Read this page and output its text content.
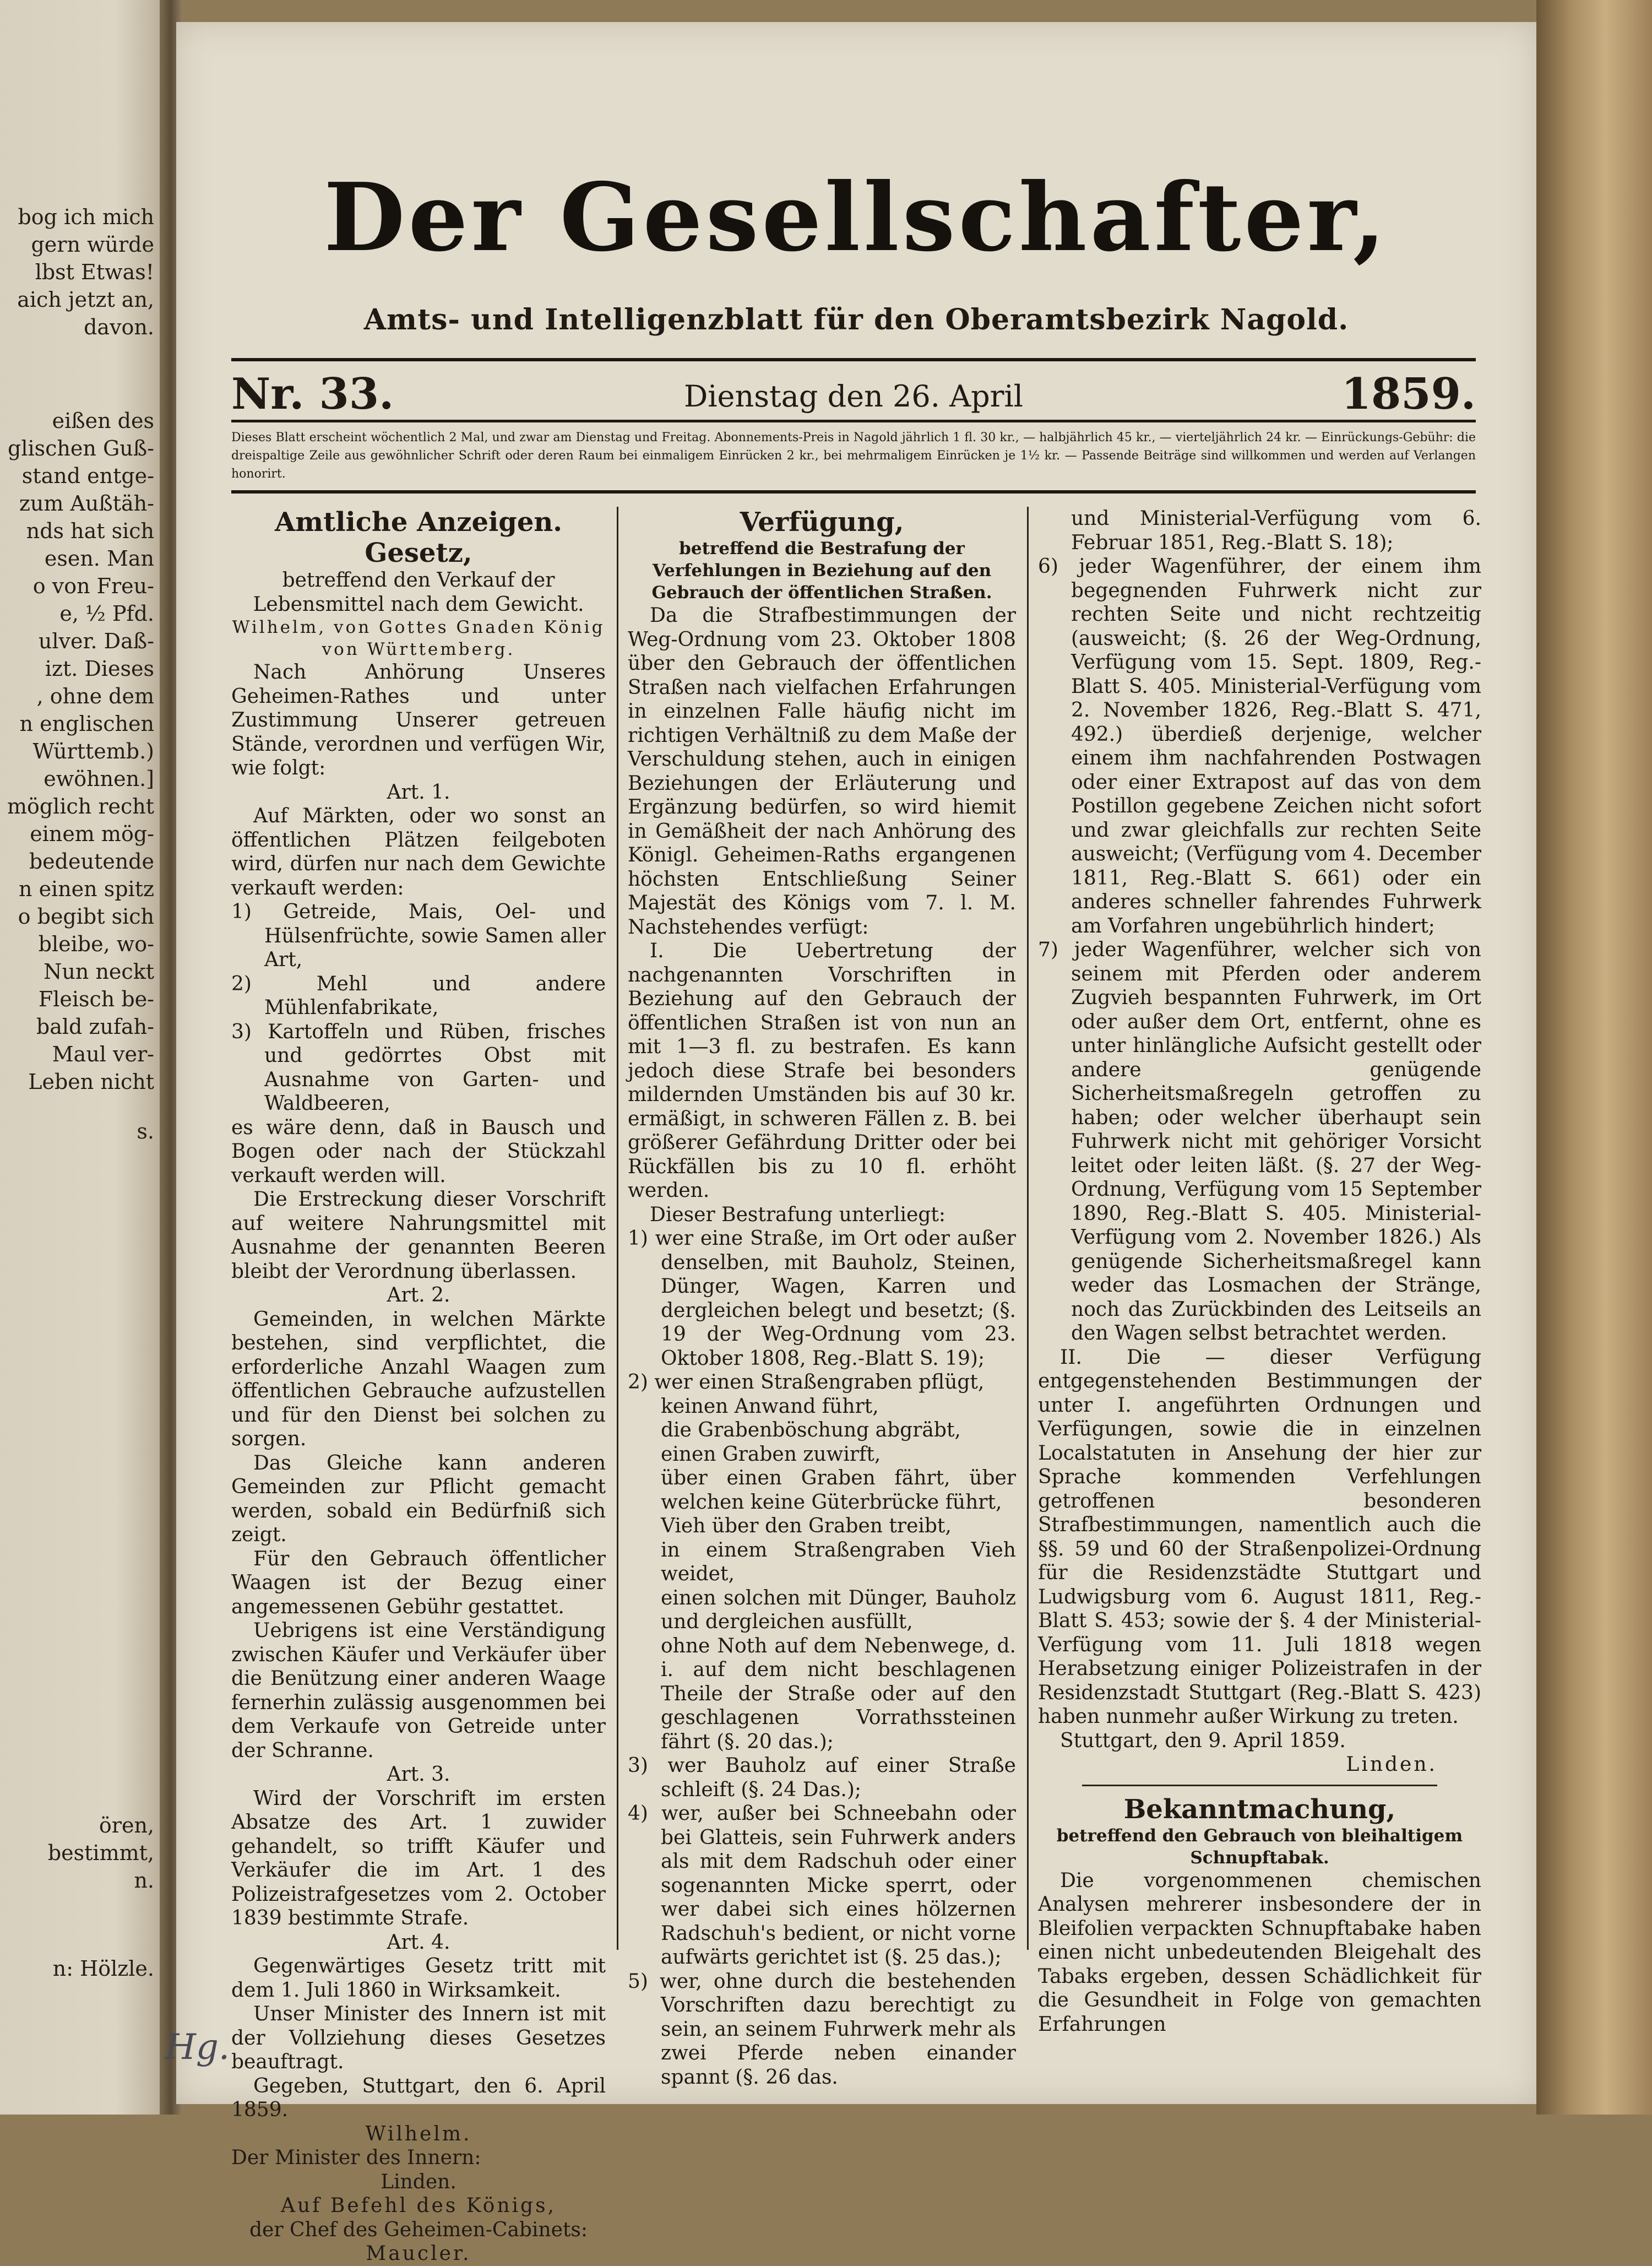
bog ich mich
gern würde
lbst Etwas!
aich jetzt an,
davon.
eißen des
glischen Guß-
stand entge-
zum Außtäh-
nds hat sich
esen. Man
o von Freu-
e, ½ Pfd.
ulver. Daß-
izt. Dieses
, ohne dem
n englischen
Württemb.)
ewöhnen.]
möglich recht
einem mög-
bedeutende
n einen spitz
o begibt sich
bleibe, wo-
Nun neckt
Fleisch be-
bald zufah-
Maul ver-
Leben nicht
s.
ören,
bestimmt,
n.
n: Hölzle.
Der Gesellschafter,
Amts- und Intelligenzblatt für den Oberamtsbezirk Nagold.
Nr. 33.	Dienstag den 26. April	1859.
Dieses Blatt erscheint wöchentlich 2 Mal, und zwar am Dienstag und Freitag. Abonnements-Preis in Nagold jährlich 1 fl. 30 kr., — halbjährlich 45 kr., — vierteljährlich 24 kr. — Einrückungs-Gebühr: die dreispaltige Zeile aus gewöhnlicher Schrift oder deren Raum bei einmaligem Einrücken 2 kr., bei mehrmaligem Einrücken je 1½ kr. — Passende Beiträge sind willkommen und werden auf Verlangen honorirt.

Amtliche Anzeigen.

Gesetz,

betreffend den Verkauf der Lebensmittel nach dem Gewicht.

Wilhelm, von Gottes Gnaden König von Württemberg.

Nach Anhörung Unseres Geheimen-Rathes und unter Zustimmung Unserer getreuen Stände, verordnen und verfügen Wir, wie folgt:

Art. 1.

Auf Märkten, oder wo sonst an öffentlichen Plätzen feilgeboten wird, dürfen nur nach dem Gewichte verkauft werden:

1) Getreide, Mais, Oel- und Hülsenfrüchte, sowie Samen aller Art,

2) Mehl und andere Mühlenfabrikate,

3) Kartoffeln und Rüben, frisches und gedörrtes Obst mit Ausnahme von Garten- und Waldbeeren,

es wäre denn, daß in Bausch und Bogen oder nach der Stückzahl verkauft werden will.

Die Erstreckung dieser Vorschrift auf weitere Nahrungsmittel mit Ausnahme der genannten Beeren bleibt der Verordnung überlassen.

Art. 2.

Gemeinden, in welchen Märkte bestehen, sind verpflichtet, die erforderliche Anzahl Waagen zum öffentlichen Gebrauche aufzustellen und für den Dienst bei solchen zu sorgen.

Das Gleiche kann anderen Gemeinden zur Pflicht gemacht werden, sobald ein Bedürfniß sich zeigt.

Für den Gebrauch öffentlicher Waagen ist der Bezug einer angemessenen Gebühr gestattet.

Uebrigens ist eine Verständigung zwischen Käufer und Verkäufer über die Benützung einer anderen Waage fernerhin zulässig ausgenommen bei dem Verkaufe von Getreide unter der Schranne.

Art. 3.

Wird der Vorschrift im ersten Absatze des Art. 1 zuwider gehandelt, so trifft Käufer und Verkäufer die im Art. 1 des Polizeistrafgesetzes vom 2. October 1839 bestimmte Strafe.

Art. 4.

Gegenwärtiges Gesetz tritt mit dem 1. Juli 1860 in Wirksamkeit.

Unser Minister des Innern ist mit der Vollziehung dieses Gesetzes beauftragt.

Gegeben, Stuttgart, den 6. April 1859.

Wilhelm.

Der Minister des Innern:

Linden.

Auf Befehl des Königs,

der Chef des Geheimen-Cabinets:

Maucler.

Verfügung,

betreffend die Bestrafung der Verfehlungen in Beziehung auf den Gebrauch der öffentlichen Straßen.

Da die Strafbestimmungen der Weg-Ordnung vom 23. Oktober 1808 über den Gebrauch der öffentlichen Straßen nach vielfachen Erfahrungen in einzelnen Falle häufig nicht im richtigen Verhältniß zu dem Maße der Verschuldung stehen, auch in einigen Beziehungen der Erläuterung und Ergänzung bedürfen, so wird hiemit in Gemäßheit der nach Anhörung des Königl. Geheimen-Raths ergangenen höchsten Entschließung Seiner Majestät des Königs vom 7. l. M. Nachstehendes verfügt:

I. Die Uebertretung der nachgenannten Vorschriften in Beziehung auf den Gebrauch der öffentlichen Straßen ist von nun an mit 1—3 fl. zu bestrafen. Es kann jedoch diese Strafe bei besonders mildernden Umständen bis auf 30 kr. ermäßigt, in schweren Fällen z. B. bei größerer Gefährdung Dritter oder bei Rückfällen bis zu 10 fl. erhöht werden.

Dieser Bestrafung unterliegt:

1) wer eine Straße, im Ort oder außer denselben, mit Bauholz, Steinen, Dünger, Wagen, Karren und dergleichen belegt und besetzt; (§. 19 der Weg-Ordnung vom 23. Oktober 1808, Reg.-Blatt S. 19);

2) wer einen Straßengraben pflügt,

keinen Anwand führt,

die Grabenböschung abgräbt,

einen Graben zuwirft,

über einen Graben fährt, über welchen keine Güterbrücke führt,

Vieh über den Graben treibt,

in einem Straßengraben Vieh weidet,

einen solchen mit Dünger, Bauholz und dergleichen ausfüllt,

ohne Noth auf dem Nebenwege, d. i. auf dem nicht beschlagenen Theile der Straße oder auf den geschlagenen Vorrathssteinen fährt (§. 20 das.);

3) wer Bauholz auf einer Straße schleift (§. 24 Das.);

4) wer, außer bei Schneebahn oder bei Glatteis, sein Fuhrwerk anders als mit dem Radschuh oder einer sogenannten Micke sperrt, oder wer dabei sich eines hölzernen Radschuh's bedient, or nicht vorne aufwärts gerichtet ist (§. 25 das.);

5) wer, ohne durch die bestehenden Vorschriften dazu berechtigt zu sein, an seinem Fuhrwerk mehr als zwei Pferde neben einander spannt (§. 26 das.

und Ministerial-Verfügung vom 6. Februar 1851, Reg.-Blatt S. 18);

6) jeder Wagenführer, der einem ihm begegnenden Fuhrwerk nicht zur rechten Seite und nicht rechtzeitig (ausweicht; (§. 26 der Weg-Ordnung, Verfügung vom 15. Sept. 1809, Reg.-Blatt S. 405. Ministerial-Verfügung vom 2. November 1826, Reg.-Blatt S. 471, 492.) überdieß derjenige, welcher einem ihm nachfahrenden Postwagen oder einer Extrapost auf das von dem Postillon gegebene Zeichen nicht sofort und zwar gleichfalls zur rechten Seite ausweicht; (Verfügung vom 4. December 1811, Reg.-Blatt S. 661) oder ein anderes schneller fahrendes Fuhrwerk am Vorfahren ungebührlich hindert;

7) jeder Wagenführer, welcher sich von seinem mit Pferden oder anderem Zugvieh bespannten Fuhrwerk, im Ort oder außer dem Ort, entfernt, ohne es unter hinlängliche Aufsicht gestellt oder andere genügende Sicherheitsmaßregeln getroffen zu haben; oder welcher überhaupt sein Fuhrwerk nicht mit gehöriger Vorsicht leitet oder leiten läßt. (§. 27 der Weg-Ordnung, Verfügung vom 15 September 1890, Reg.-Blatt S. 405. Ministerial-Verfügung vom 2. November 1826.) Als genügende Sicherheitsmaßregel kann weder das Losmachen der Stränge, noch das Zurückbinden des Leitseils an den Wagen selbst betrachtet werden.

II. Die — dieser Verfügung entgegenstehenden Bestimmungen der unter I. angeführten Ordnungen und Verfügungen, sowie die in einzelnen Localstatuten in Ansehung der hier zur Sprache kommenden Verfehlungen getroffenen besonderen Strafbestimmungen, namentlich auch die §§. 59 und 60 der Straßenpolizei-Ordnung für die Residenzstädte Stuttgart und Ludwigsburg vom 6. August 1811, Reg.-Blatt S. 453; sowie der §. 4 der Ministerial-Verfügung vom 11. Juli 1818 wegen Herabsetzung einiger Polizeistrafen in der Residenzstadt Stuttgart (Reg.-Blatt S. 423) haben nunmehr außer Wirkung zu treten.

Stuttgart, den 9. April 1859.

Linden.

Bekanntmachung,

betreffend den Gebrauch von bleihaltigem Schnupftabak.

Die vorgenommenen chemischen Analysen mehrerer insbesondere der in Bleifolien verpackten Schnupftabake haben einen nicht unbedeutenden Bleigehalt des Tabaks ergeben, dessen Schädlichkeit für die Gesundheit in Folge von gemachten Erfahrungen

Hg.
